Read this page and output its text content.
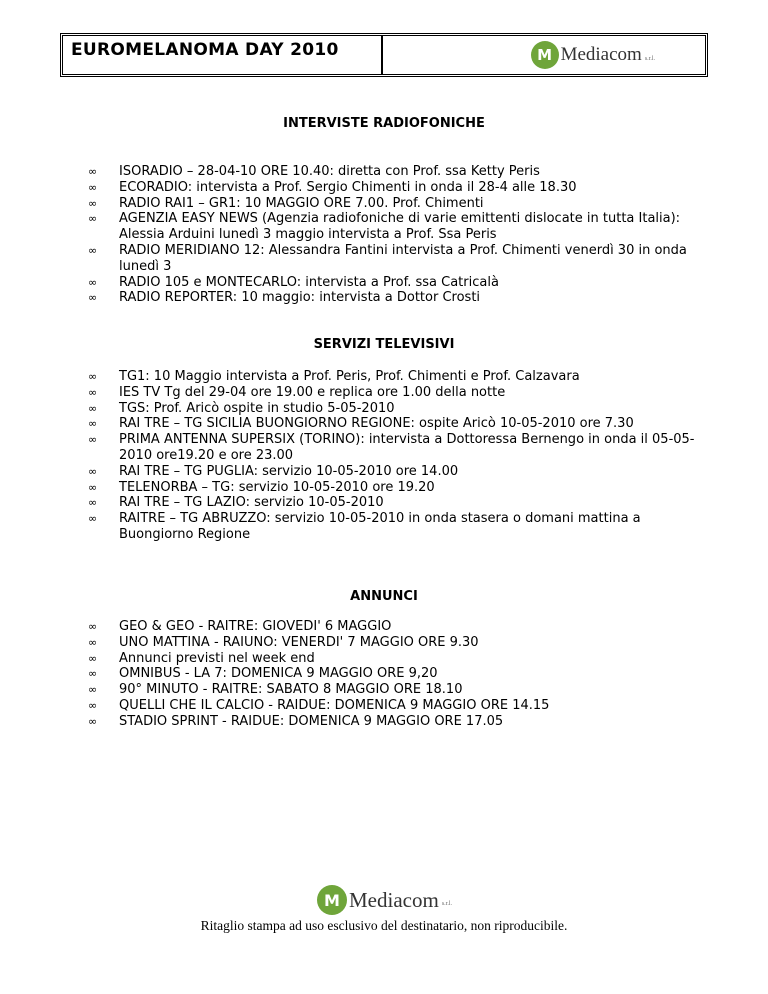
EUROMELANOMA DAY 2010	M Mediacom s.r.l.
INTERVISTE RADIOFONICHE
∞ ISORADIO – 28-04-10 ORE 10.40: diretta con Prof. ssa Ketty Peris
∞ ECORADIO: intervista a Prof. Sergio Chimenti in onda il 28-4 alle 18.30
∞ RADIO RAI1 – GR1: 10 MAGGIO ORE 7.00. Prof. Chimenti
∞ AGENZIA EASY NEWS (Agenzia radiofoniche di varie emittenti dislocate in tutta Italia): Alessia Arduini lunedì 3 maggio intervista a Prof. Ssa Peris
∞ RADIO MERIDIANO 12: Alessandra Fantini intervista a Prof. Chimenti venerdì 30 in onda lunedì 3
∞ RADIO 105 e MONTECARLO: intervista a Prof. ssa Catricalà
∞ RADIO REPORTER: 10 maggio: intervista a Dottor Crosti
SERVIZI TELEVISIVI
∞ TG1: 10 Maggio intervista a Prof. Peris, Prof. Chimenti e Prof. Calzavara
∞ IES TV Tg del 29-04 ore 19.00 e replica ore 1.00 della notte
∞ TGS: Prof. Aricò ospite in studio 5-05-2010
∞ RAI TRE – TG SICILIA BUONGIORNO REGIONE: ospite Aricò 10-05-2010 ore 7.30
∞ PRIMA ANTENNA SUPERSIX (TORINO): intervista a Dottoressa Bernengo in onda il 05-05-2010 ore19.20 e ore 23.00
∞ RAI TRE – TG PUGLIA: servizio 10-05-2010 ore 14.00
∞ TELENORBA – TG: servizio 10-05-2010 ore 19.20
∞ RAI TRE – TG LAZIO: servizio 10-05-2010
∞ RAITRE – TG ABRUZZO: servizio 10-05-2010 in onda stasera o domani mattina a Buongiorno Regione
ANNUNCI
∞ GEO & GEO - RAITRE: GIOVEDI' 6 MAGGIO
∞ UNO MATTINA - RAIUNO: VENERDI' 7 MAGGIO ORE 9.30
∞ Annunci previsti nel week end
∞ OMNIBUS - LA 7: DOMENICA 9 MAGGIO ORE 9,20
∞ 90° MINUTO - RAITRE: SABATO 8 MAGGIO ORE 18.10
∞ QUELLI CHE IL CALCIO - RAIDUE: DOMENICA 9 MAGGIO ORE 14.15
∞ STADIO SPRINT - RAIDUE: DOMENICA 9 MAGGIO ORE 17.05
M Mediacom s.r.l.
Ritaglio stampa ad uso esclusivo del destinatario, non riproducibile.
